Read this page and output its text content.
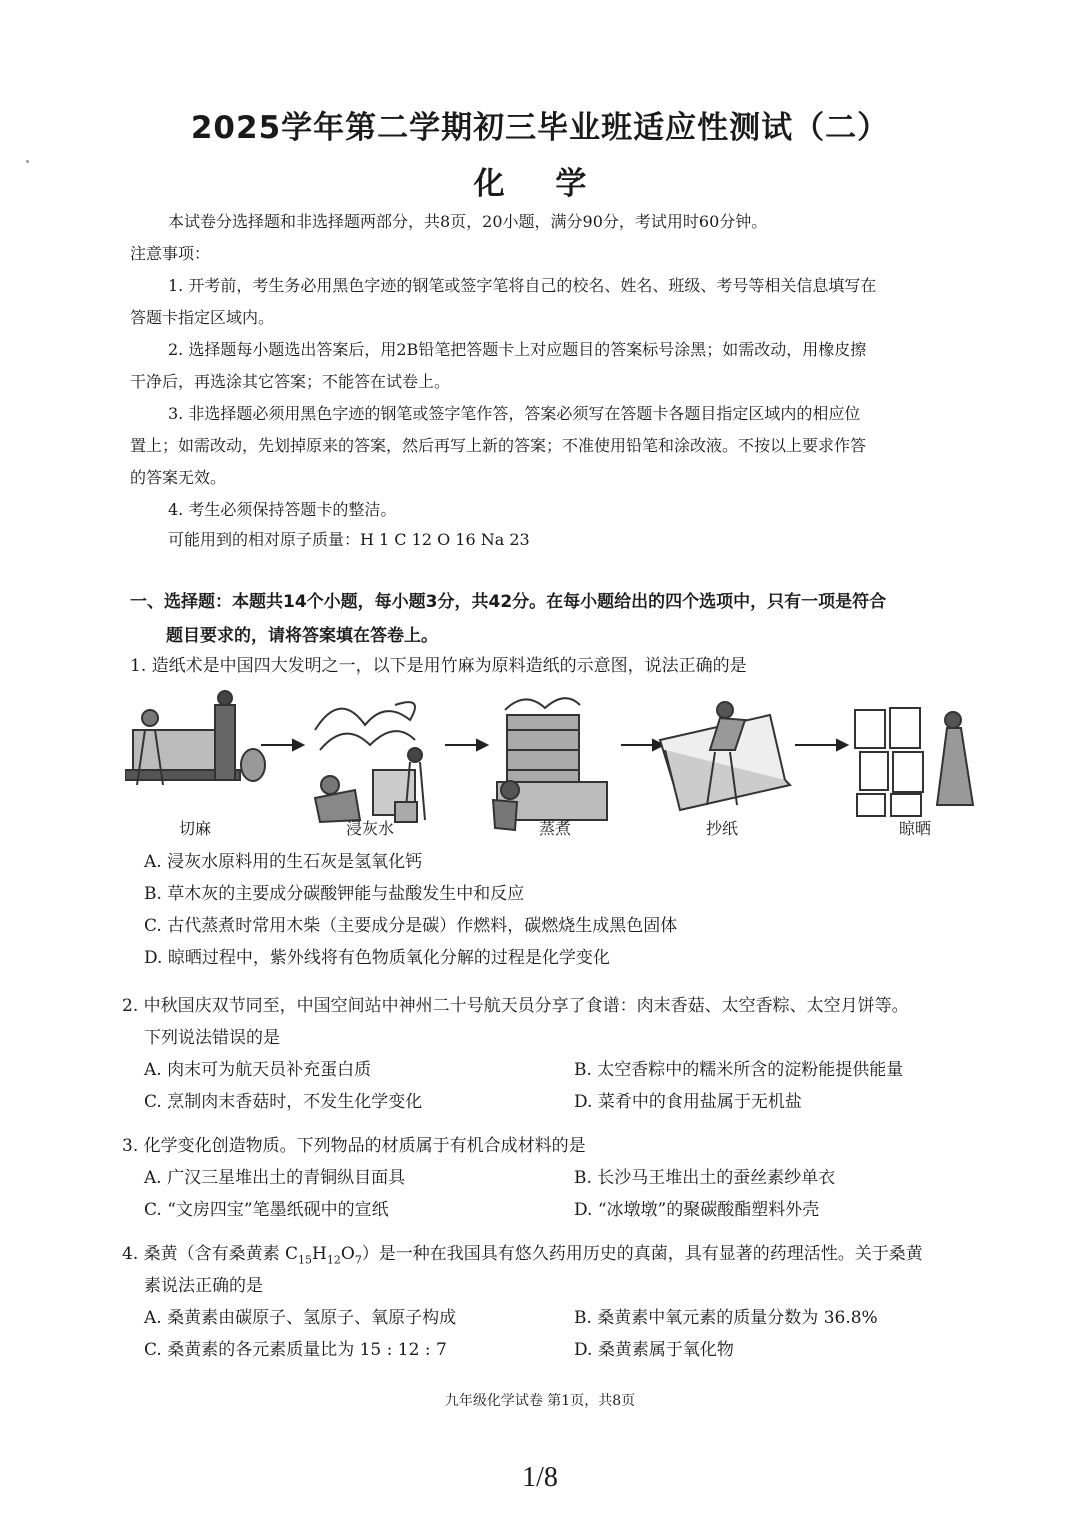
2025学年第二学期初三毕业班适应性测试（二）
化 学
本试卷分选择题和非选择题两部分，共8页，20小题，满分90分，考试用时60分钟。
注意事项：
1. 开考前，考生务必用黑色字迹的钢笔或签字笔将自己的校名、姓名、班级、考号等相关信息填写在
答题卡指定区域内。
2. 选择题每小题选出答案后，用2B铅笔把答题卡上对应题目的答案标号涂黑；如需改动，用橡皮擦
干净后，再选涂其它答案；不能答在试卷上。
3. 非选择题必须用黑色字迹的钢笔或签字笔作答，答案必须写在答题卡各题目指定区域内的相应位
置上；如需改动，先划掉原来的答案，然后再写上新的答案；不准使用铅笔和涂改液。不按以上要求作答
的答案无效。
4. 考生必须保持答题卡的整洁。
可能用到的相对原子质量：H 1 C 12 O 16 Na 23
一、选择题：本题共14个小题，每小题3分，共42分。在每小题给出的四个选项中，只有一项是符合
题目要求的，请将答案填在答卷上。
1. 造纸术是中国四大发明之一，以下是用竹麻为原料造纸的示意图，说法正确的是
切麻	浸灰水	蒸煮	抄纸	晾晒
A. 浸灰水原料用的生石灰是氢氧化钙
B. 草木灰的主要成分碳酸钾能与盐酸发生中和反应
C. 古代蒸煮时常用木柴（主要成分是碳）作燃料，碳燃烧生成黑色固体
D. 晾晒过程中，紫外线将有色物质氧化分解的过程是化学变化
2. 中秋国庆双节同至，中国空间站中神州二十号航天员分享了食谱：肉末香菇、太空香粽、太空月饼等。
下列说法错误的是
A. 肉末可为航天员补充蛋白质	B. 太空香粽中的糯米所含的淀粉能提供能量
C. 烹制肉末香菇时，不发生化学变化	D. 菜肴中的食用盐属于无机盐
3. 化学变化创造物质。下列物品的材质属于有机合成材料的是
A. 广汉三星堆出土的青铜纵目面具	B. 长沙马王堆出土的蚕丝素纱单衣
C. “文房四宝”笔墨纸砚中的宣纸	D. “冰墩墩”的聚碳酸酯塑料外壳
4. 桑黄（含有桑黄素 $C_{15}H_{12}O_7$）是一种在我国具有悠久药用历史的真菌，具有显著的药理活性。关于桑黄
素说法正确的是
A. 桑黄素由碳原子、氢原子、氧原子构成	B. 桑黄素中氧元素的质量分数为 36.8%
C. 桑黄素的各元素质量比为 15 : 12 : 7	D. 桑黄素属于氧化物
九年级化学试卷 第1页，共8页
1/8
